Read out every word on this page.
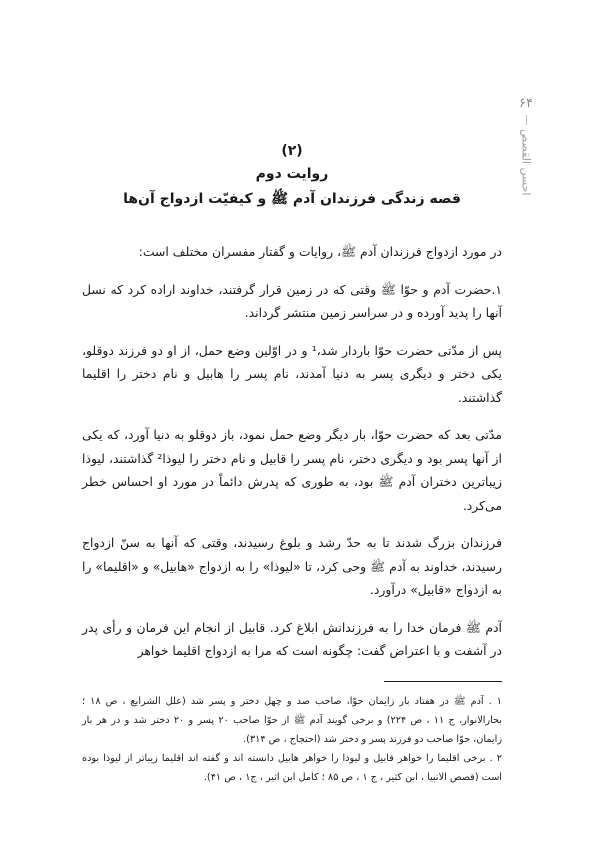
۶۴
احسن القصص
(۲)
روایت دوم
قصه زندگی فرزندان آدم ﷺ و کیفیّت ازدواج آن‌ها

در مورد ازدواج فرزندان آدم ﷺ، روایات و گفتار مفسران مختلف است:

۱.حضرت آدم و حوّا ﷺ وقتی که در زمین قرار گرفتند، خداوند اراده کرد که نسل آنها را پدید آورده و در سراسر زمین منتشر گرداند.

پس از مدّتی حضرت حوّا باردار شد،¹ و در اوّلین وضع حمل، از او دو فرزند دوقلو، یکی دختر و دیگری پسر به دنیا آمدند، نام پسر را هابیل و نام دختر را اقلیما گذاشتند.

مدّتی بعد که حضرت حوّا، بار دیگر وضع حمل نمود، باز دوقلو به دنیا آورد، که یکی از آنها پسر بود و دیگری دختر، نام پسر را قابیل و نام دختر را لیوذا² گذاشتند، لیوذا زیباترین دختران آدم ﷺ بود، به طوری که پدرش دائماً در مورد او احساس خطر می‌کرد.

فرزندان بزرگ شدند تا به حدّ رشد و بلوغ رسیدند، وقتی که آنها به سنّ ازدواج رسیدند، خداوند به آدم ﷺ وحی کرد، تا «لیوذا» را به ازدواج «هابیل» و «اقلیما» را به ازدواج «قابیل» درآورد.

آدم ﷺ فرمان خدا را به فرزندانش ابلاغ کرد. قابیل از انجام این فرمان و رأی پدر در آشفت و با اعتراض گفت: چگونه است که مرا به ازدواج اقلیما خواهر

۱ . آدم ﷺ در هفتاد بار زایمان حوّا، صاحب صد و چهل دختر و پسر شد (علل الشرایع ، ص ۱۸ ؛ بحارالانوار، ج ۱۱ ، ص ۲۲۴) و برخی گویند آدم ﷺ از حوّا صاحب ۲۰ پسر و ۲۰ دختر شد و در هر بار زایمان، حوّا صاحب دو فرزند پسر و دختر شد (احتجاج ، ص ۳۱۴).

۲ . برخی اقلیما را خواهر قابیل و لیوذا را خواهر هابیل دانسته اند و گفته اند اقلیما زیباتر از لیوذا بوده است (قصص الانبیا ، ابن کثیر ، ج ۱ ، ص ۸۵ ؛ کامل ابن اثیر ، ج۱ ، ص ۴۱).
